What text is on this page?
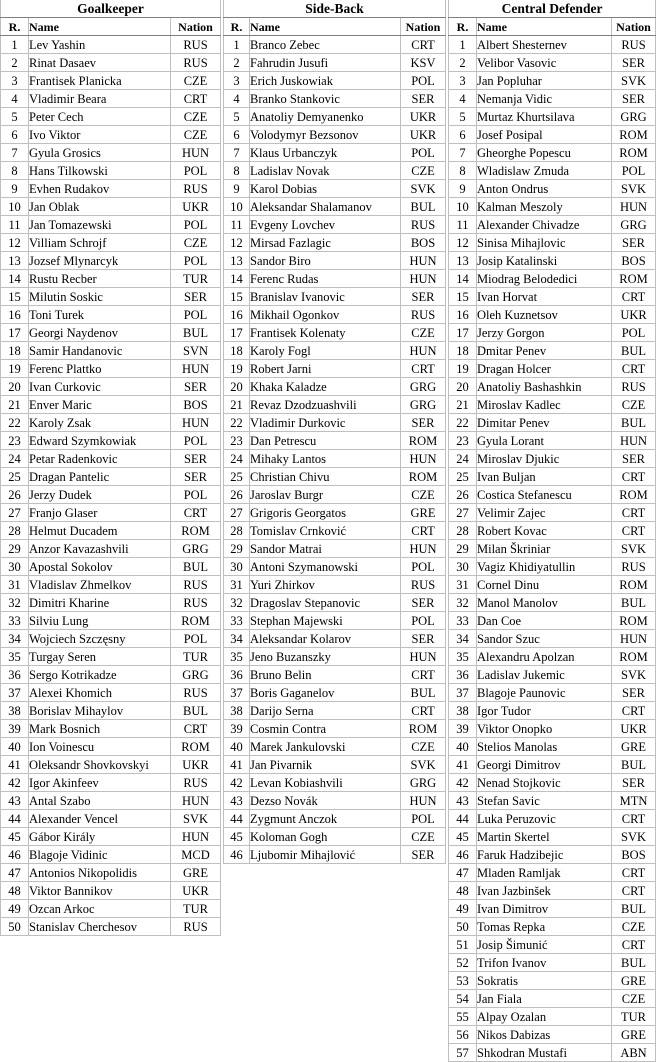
Goalkeeper		
R.	Name	Nation
1	Lev Yashin	RUS
2	Rinat Dasaev	RUS
3	Frantisek Planicka	CZE
4	Vladimir Beara	CRT
5	Peter Cech	CZE
6	Ivo Viktor	CZE
7	Gyula Grosics	HUN
8	Hans Tilkowski	POL
9	Evhen Rudakov	RUS
10	Jan Oblak	UKR
11	Jan Tomazewski	POL
12	Villiam Schrojf	CZE
13	Jozsef Mlynarcyk	POL
14	Rustu Recber	TUR
15	Milutin Soskic	SER
16	Toni Turek	POL
17	Georgi Naydenov	BUL
18	Samir Handanovic	SVN
19	Ferenc Plattko	HUN
20	Ivan Curkovic	SER
21	Enver Maric	BOS
22	Karoly Zsak	HUN
23	Edward Szymkowiak	POL
24	Petar Radenkovic	SER
25	Dragan Pantelic	SER
26	Jerzy Dudek	POL
27	Franjo Glaser	CRT
28	Helmut Ducadem	ROM
29	Anzor Kavazashvili	GRG
30	Apostal Sokolov	BUL
31	Vladislav Zhmelkov	RUS
32	Dimitri Kharine	RUS
33	Silviu Lung	ROM
34	Wojciech Szczęsny	POL
35	Turgay Seren	TUR
36	Sergo Kotrikadze	GRG
37	Alexei Khomich	RUS
38	Borislav Mihaylov	BUL
39	Mark Bosnich	CRT
40	Ion Voinescu	ROM
41	Oleksandr Shovkovskyi	UKR
42	Igor Akinfeev	RUS
43	Antal Szabo	HUN
44	Alexander Vencel	SVK
45	Gábor Király	HUN
46	Blagoje Vidinic	MCD
47	Antonios Nikopolidis	GRE
48	Viktor Bannikov	UKR
49	Ozcan Arkoc	TUR
50	Stanislav Cherchesov	RUS
Side-Back		
R.	Name	Nation
1	Branco Zebec	CRT
2	Fahrudin Jusufi	KSV
3	Erich Juskowiak	POL
4	Branko Stankovic	SER
5	Anatoliy Demyanenko	UKR
6	Volodymyr Bezsonov	UKR
7	Klaus Urbanczyk	POL
8	Ladislav Novak	CZE
9	Karol Dobias	SVK
10	Aleksandar Shalamanov	BUL
11	Evgeny Lovchev	RUS
12	Mirsad Fazlagic	BOS
13	Sandor Biro	HUN
14	Ferenc Rudas	HUN
15	Branislav Ivanovic	SER
16	Mikhail Ogonkov	RUS
17	Frantisek Kolenaty	CZE
18	Karoly Fogl	HUN
19	Robert Jarni	CRT
20	Khaka Kaladze	GRG
21	Revaz Dzodzuashvili	GRG
22	Vladimir Durkovic	SER
23	Dan Petrescu	ROM
24	Mihaky Lantos	HUN
25	Christian Chivu	ROM
26	Jaroslav Burgr	CZE
27	Grigoris Georgatos	GRE
28	Tomislav Crnković	CRT
29	Sandor Matrai	HUN
30	Antoni Szymanowski	POL
31	Yuri Zhirkov	RUS
32	Dragoslav Stepanovic	SER
33	Stephan Majewski	POL
34	Aleksandar Kolarov	SER
35	Jeno Buzanszky	HUN
36	Bruno Belin	CRT
37	Boris Gaganelov	BUL
38	Darijo Serna	CRT
39	Cosmin Contra	ROM
40	Marek Jankulovski	CZE
41	Jan Pivarnik	SVK
42	Levan Kobiashvili	GRG
43	Dezso Novák	HUN
44	Zygmunt Anczok	POL
45	Koloman Gogh	CZE
46	Ljubomir Mihajlović	SER
Central Defender		
R.	Name	Nation
1	Albert Shesternev	RUS
2	Velibor Vasovic	SER
3	Jan Popluhar	SVK
4	Nemanja Vidic	SER
5	Murtaz Khurtsilava	GRG
6	Josef Posipal	ROM
7	Gheorghe Popescu	ROM
8	Wladislaw Zmuda	POL
9	Anton Ondrus	SVK
10	Kalman Meszoly	HUN
11	Alexander Chivadze	GRG
12	Sinisa Mihajlovic	SER
13	Josip Katalinski	BOS
14	Miodrag Belodedici	ROM
15	Ivan Horvat	CRT
16	Oleh Kuznetsov	UKR
17	Jerzy Gorgon	POL
18	Dmitar Penev	BUL
19	Dragan Holcer	CRT
20	Anatoliy Bashashkin	RUS
21	Miroslav Kadlec	CZE
22	Dimitar Penev	BUL
23	Gyula Lorant	HUN
24	Miroslav Djukic	SER
25	Ivan Buljan	CRT
26	Costica Stefanescu	ROM
27	Velimir Zajec	CRT
28	Robert Kovac	CRT
29	Milan Škriniar	SVK
30	Vagiz Khidiyatullin	RUS
31	Cornel Dinu	ROM
32	Manol Manolov	BUL
33	Dan Coe	ROM
34	Sandor Szuc	HUN
35	Alexandru Apolzan	ROM
36	Ladislav Jukemic	SVK
37	Blagoje Paunovic	SER
38	Igor Tudor	CRT
39	Viktor Onopko	UKR
40	Stelios Manolas	GRE
41	Georgi Dimitrov	BUL
42	Nenad Stojkovic	SER
43	Stefan Savic	MTN
44	Luka Peruzovic	CRT
45	Martin Skertel	SVK
46	Faruk Hadzibejic	BOS
47	Mladen Ramljak	CRT
48	Ivan Jazbinšek	CRT
49	Ivan Dimitrov	BUL
50	Tomas Repka	CZE
51	Josip Šimunić	CRT
52	Trifon Ivanov	BUL
53	Sokratis	GRE
54	Jan Fiala	CZE
55	Alpay Ozalan	TUR
56	Nikos Dabizas	GRE
57	Shkodran Mustafi	ABN
